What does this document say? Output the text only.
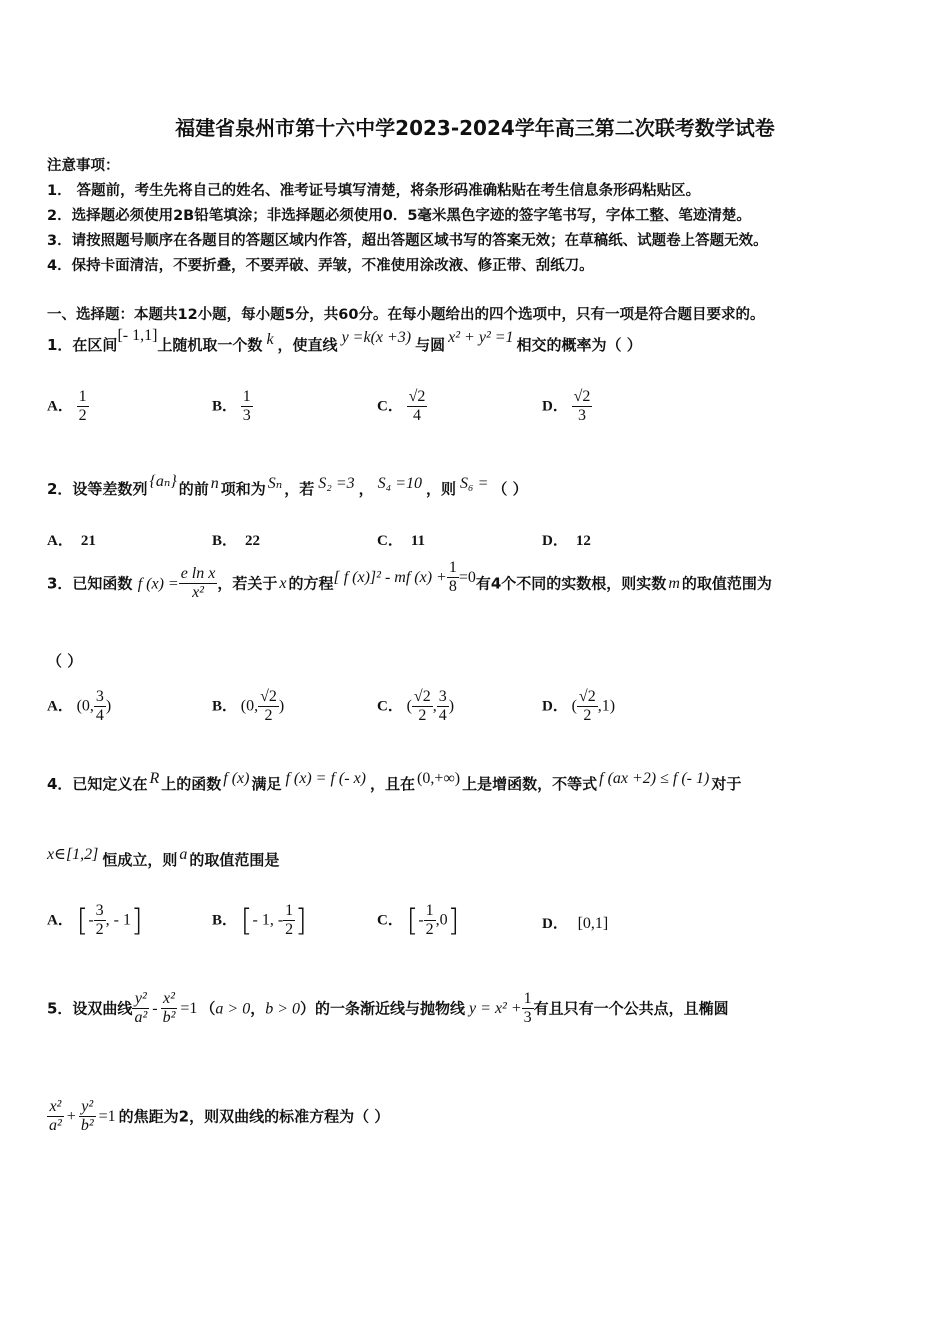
福建省泉州市第十六中学2023-2024学年高三第二次联考数学试卷
注意事项：
1． 答题前，考生先将自己的姓名、准考证号填写清楚，将条形码准确粘贴在考生信息条形码粘贴区。
2．选择题必须使用2B铅笔填涂；非选择题必须使用0．5毫米黑色字迹的签字笔书写，字体工整、笔迹清楚。
3．请按照题号顺序在各题目的答题区域内作答，超出答题区域书写的答案无效；在草稿纸、试题卷上答题无效。
4．保持卡面清洁，不要折叠，不要弄破、弄皱，不准使用涂改液、修正带、刮纸刀。
一、选择题：本题共12小题，每小题5分，共60分。在每小题给出的四个选项中，只有一项是符合题目要求的。
1．在区间[- 1,1]上随机取一个数 k ，使直线 y =k(x +3) 与圆 x² + y² =1 相交的概率为（ ）
A． $\frac{1}{2}$	B． $\frac{1}{3}$	C． $\frac{√2}{4}$	D． $\frac{√2}{3}$
2．设等差数列 {aₙ} 的前 n 项和为 Sₙ ，若 S₂ =3 ， S₄ =10 ，则 S₆ = （ ）
A． 21	B． 22	C． 11	D． 12
3．已知函数 f $(x) = \frac{\text{e ln x}}{\text{x²}}$ ，若关于 x 的方程[ f (x)]² - mf $(x) + \frac{1}{8} =0$有4个不同的实数根，则实数 m 的取值范围为
（ ）
A． (0, $\frac{3}{4}$ )	B． (0, $\frac{√2}{2}$ )	C． ( $\frac{√2}{2}$ , $\frac{3}{4}$ )	D． ( $\frac{√2}{2} ,1$)
4．已知定义在 R 上的函数 f (x) 满足 f (x) = f (- x) ，且在 (0,+∞) 上是增函数，不等式 f (ax +2) ≤ f (- 1) 对于
x∈[1,2] 恒成立，则 a 的取值范围是
A． [- $\frac{3}{2}$ , - 1]	B． [- 1, - $\frac{1}{2}$ ]	C． [- $\frac{1}{2} ,0$]	D． [0,1]
5．设双曲线 $\frac{\text{y²}}{\text{a²}} - \frac{\text{x²}}{\text{b²}} =1$ （a > 0，b > 0）的一条渐近线与抛物线 $y = x^2 + \frac{1}{3}$ 有且只有一个公共点，且椭圆
$\frac{\text{x²}}{\text{a²}} + \frac{\text{y²}}{\text{b²}} =1$ 的焦距为2，则双曲线的标准方程为（ ）
